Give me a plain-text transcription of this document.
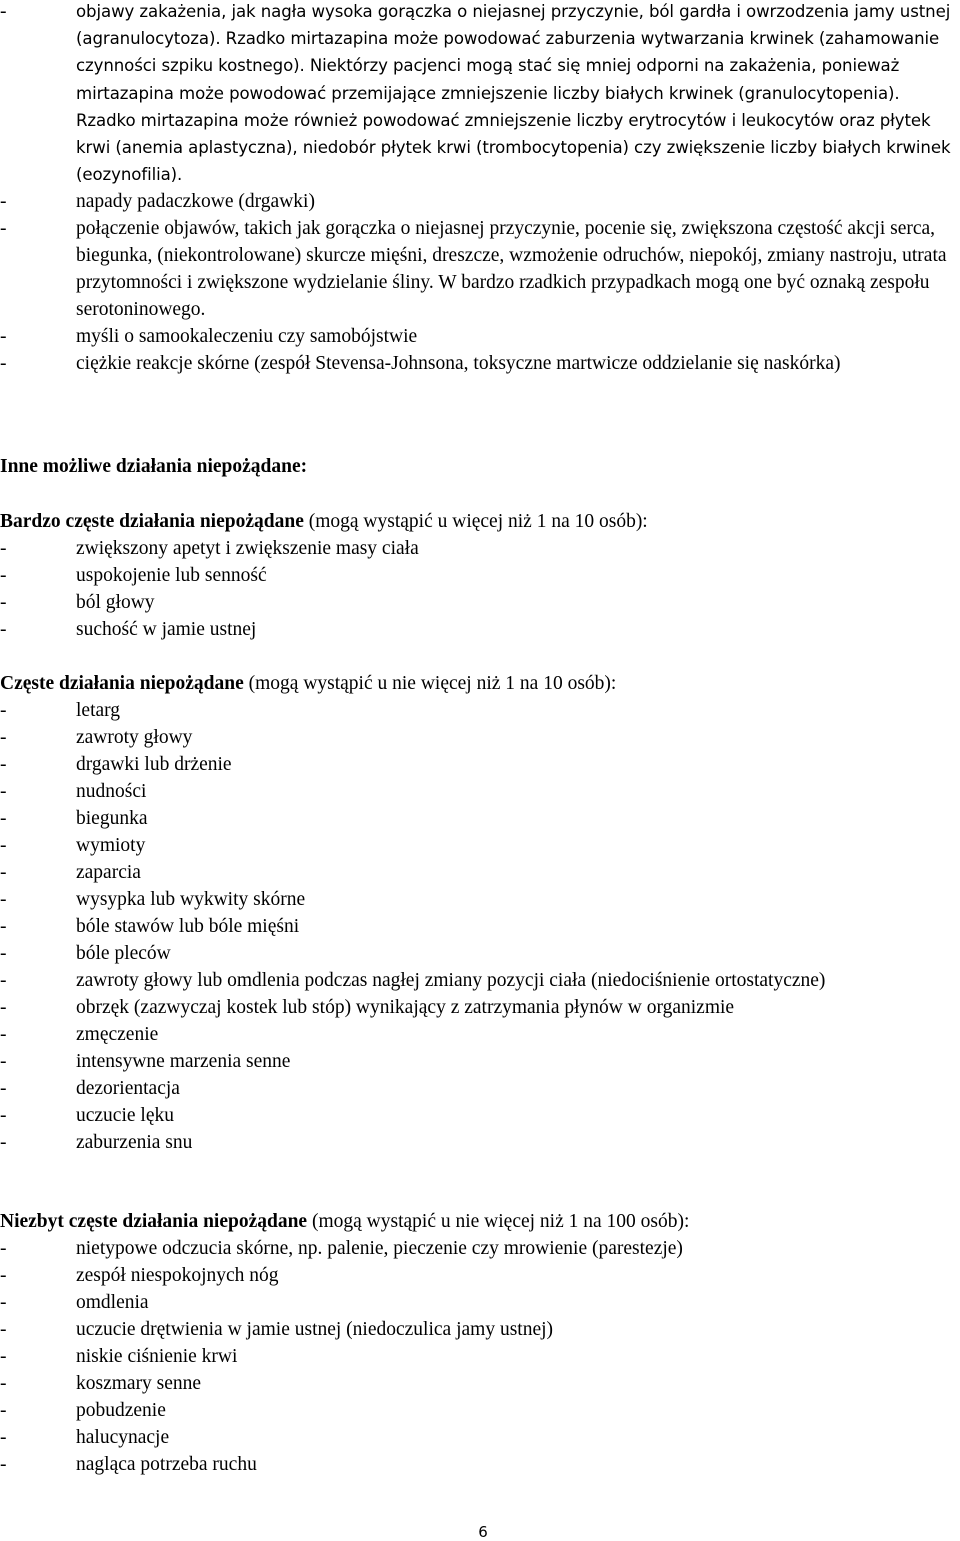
-	objawy zakażenia, jak nagła wysoka gorączka o niejasnej przyczynie, ból gardła i owrzodzenia jamy ustnej (agranulocytoza). Rzadko mirtazapina może powodować zaburzenia wytwarzania krwinek (zahamowanie czynności szpiku kostnego). Niektórzy pacjenci mogą stać się mniej odporni na zakażenia, ponieważ mirtazapina może powodować przemijające zmniejszenie liczby białych krwinek (granulocytopenia). Rzadko mirtazapina może również powodować zmniejszenie liczby erytrocytów i leukocytów oraz płytek krwi (anemia aplastyczna), niedobór płytek krwi (trombocytopenia) czy zwiększenie liczby białych krwinek (eozynofilia).

-	napady padaczkowe (drgawki)

-	połączenie objawów, takich jak gorączka o niejasnej przyczynie, pocenie się, zwiększona częstość akcji serca, biegunka, (niekontrolowane) skurcze mięśni, dreszcze, wzmożenie odruchów, niepokój, zmiany nastroju, utrata przytomności i zwiększone wydzielanie śliny. W bardzo rzadkich przypadkach mogą one być oznaką zespołu serotoninowego.

-	myśli o samookaleczeniu czy samobójstwie

-	ciężkie reakcje skórne (zespół Stevensa-Johnsona, toksyczne martwicze oddzielanie się naskórka)

Inne możliwe działania niepożądane:

Bardzo częste działania niepożądane (mogą wystąpić u więcej niż 1 na 10 osób):

-	zwiększony apetyt i zwiększenie masy ciała

-	uspokojenie lub senność

-	ból głowy

-	suchość w jamie ustnej

Częste działania niepożądane (mogą wystąpić u nie więcej niż 1 na 10 osób):

-	letarg

-	zawroty głowy

-	drgawki lub drżenie

-	nudności

-	biegunka

-	wymioty

-	zaparcia

-	wysypka lub wykwity skórne

-	bóle stawów lub bóle mięśni

-	bóle pleców

-	zawroty głowy lub omdlenia podczas nagłej zmiany pozycji ciała (niedociśnienie ortostatyczne)

-	obrzęk (zazwyczaj kostek lub stóp) wynikający z zatrzymania płynów w organizmie

-	zmęczenie

-	intensywne marzenia senne

-	dezorientacja

-	uczucie lęku

-	zaburzenia snu

Niezbyt częste działania niepożądane (mogą wystąpić u nie więcej niż 1 na 100 osób):

-	nietypowe odczucia skórne, np. palenie, pieczenie czy mrowienie (parestezje)

-	zespół niespokojnych nóg

-	omdlenia

-	uczucie drętwienia w jamie ustnej (niedoczulica jamy ustnej)

-	niskie ciśnienie krwi

-	koszmary senne

-	pobudzenie

-	halucynacje

-	nagląca potrzeba ruchu

6
